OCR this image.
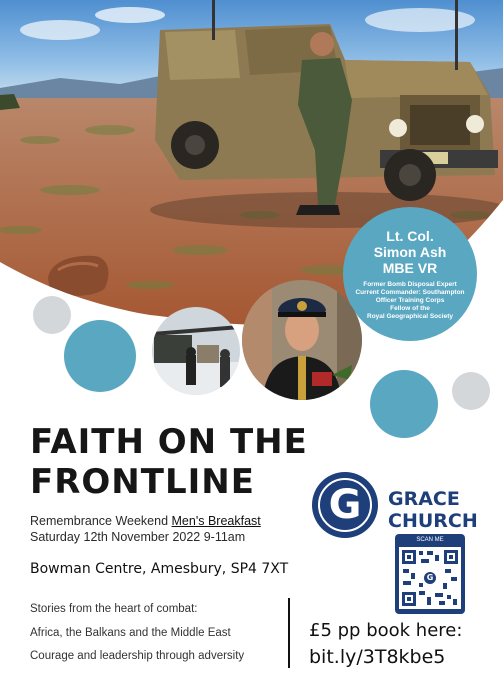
Lt. Col.
Simon Ash
MBE VR
Former Bomb Disposal Expert
Current Commander: Southampton
Officer Training Corps
Fellow of the
Royal Geographical Society
FAITH ON THE
FRONTLINE
Remembrance Weekend Men's Breakfast
Saturday 12th November 2022 9-11am
Bowman Centre, Amesbury, SP4 7XT
Stories from the heart of combat:
Africa, the Balkans and the Middle East
Courage and leadership through adversity
G	GRACE
CHURCH
SCAN ME
G
£5 pp book here:
bit.ly/3T8kbe5
